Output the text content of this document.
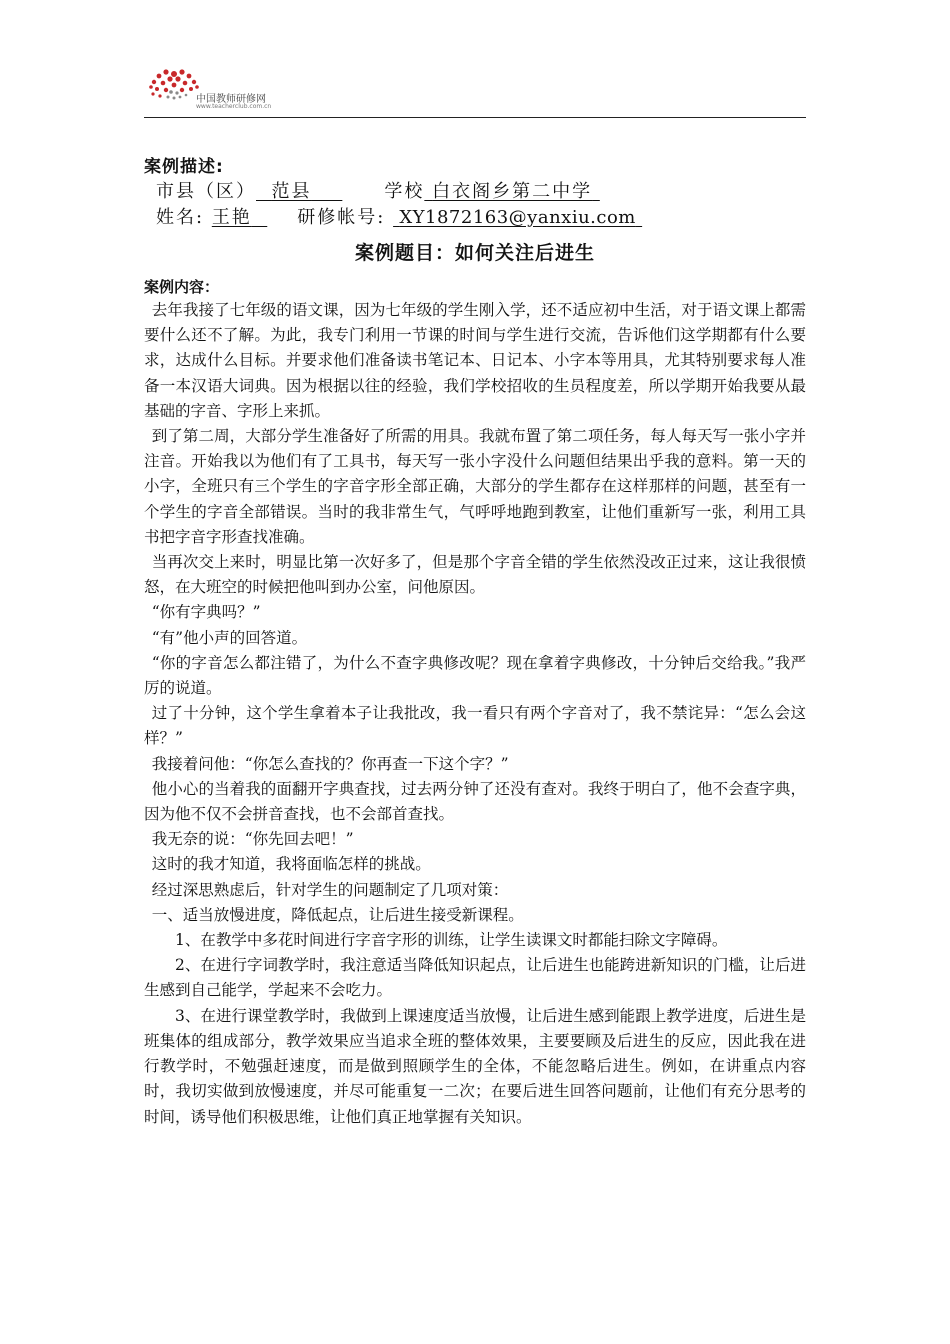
中国教师研修网
www.teacherclub.com.cn
案例描述:
市县（区） 范县	学校 白衣阁乡第二中学
姓名: 王艳	研修帐号: XY1872163@yanxiu.com
案例题目：如何关注后进生
案例内容：

去年我接了七年级的语文课，因为七年级的学生刚入学，还不适应初中生活，对于语文课上都需要什么还不了解。为此，我专门利用一节课的时间与学生进行交流，告诉他们这学期都有什么要求，达成什么目标。并要求他们准备读书笔记本、日记本、小字本等用具，尤其特别要求每人准备一本汉语大词典。因为根据以往的经验，我们学校招收的生员程度差，所以学期开始我要从最基础的字音、字形上来抓。

到了第二周，大部分学生准备好了所需的用具。我就布置了第二项任务，每人每天写一张小字并注音。开始我以为他们有了工具书，每天写一张小字没什么问题但结果出乎我的意料。第一天的小字，全班只有三个学生的字音字形全部正确，大部分的学生都存在这样那样的问题，甚至有一个学生的字音全部错误。当时的我非常生气，气呼呼地跑到教室，让他们重新写一张，利用工具书把字音字形查找准确。

当再次交上来时，明显比第一次好多了，但是那个字音全错的学生依然没改正过来，这让我很愤怒，在大班空的时候把他叫到办公室，问他原因。

“你有字典吗？”

“有”他小声的回答道。

“你的字音怎么都注错了，为什么不查字典修改呢？现在拿着字典修改，十分钟后交给我。”我严厉的说道。

过了十分钟，这个学生拿着本子让我批改，我一看只有两个字音对了，我不禁诧异：“怎么会这样？”

我接着问他：“你怎么查找的？你再查一下这个字？”

他小心的当着我的面翻开字典查找，过去两分钟了还没有查对。我终于明白了，他不会查字典，因为他不仅不会拼音查找，也不会部首查找。

我无奈的说：“你先回去吧！”

这时的我才知道，我将面临怎样的挑战。

经过深思熟虑后，针对学生的问题制定了几项对策：

一、适当放慢进度，降低起点，让后进生接受新课程。

1、在教学中多花时间进行字音字形的训练，让学生读课文时都能扫除文字障碍。

2、在进行字词教学时，我注意适当降低知识起点，让后进生也能跨进新知识的门槛，让后进生感到自己能学，学起来不会吃力。

3、在进行课堂教学时，我做到上课速度适当放慢，让后进生感到能跟上教学进度，后进生是班集体的组成部分，教学效果应当追求全班的整体效果，主要要顾及后进生的反应，因此我在进行教学时，不勉强赶速度，而是做到照顾学生的全体，不能忽略后进生。例如，在讲重点内容时，我切实做到放慢速度，并尽可能重复一二次；在要后进生回答问题前，让他们有充分思考的时间，诱导他们积极思维，让他们真正地掌握有关知识。
